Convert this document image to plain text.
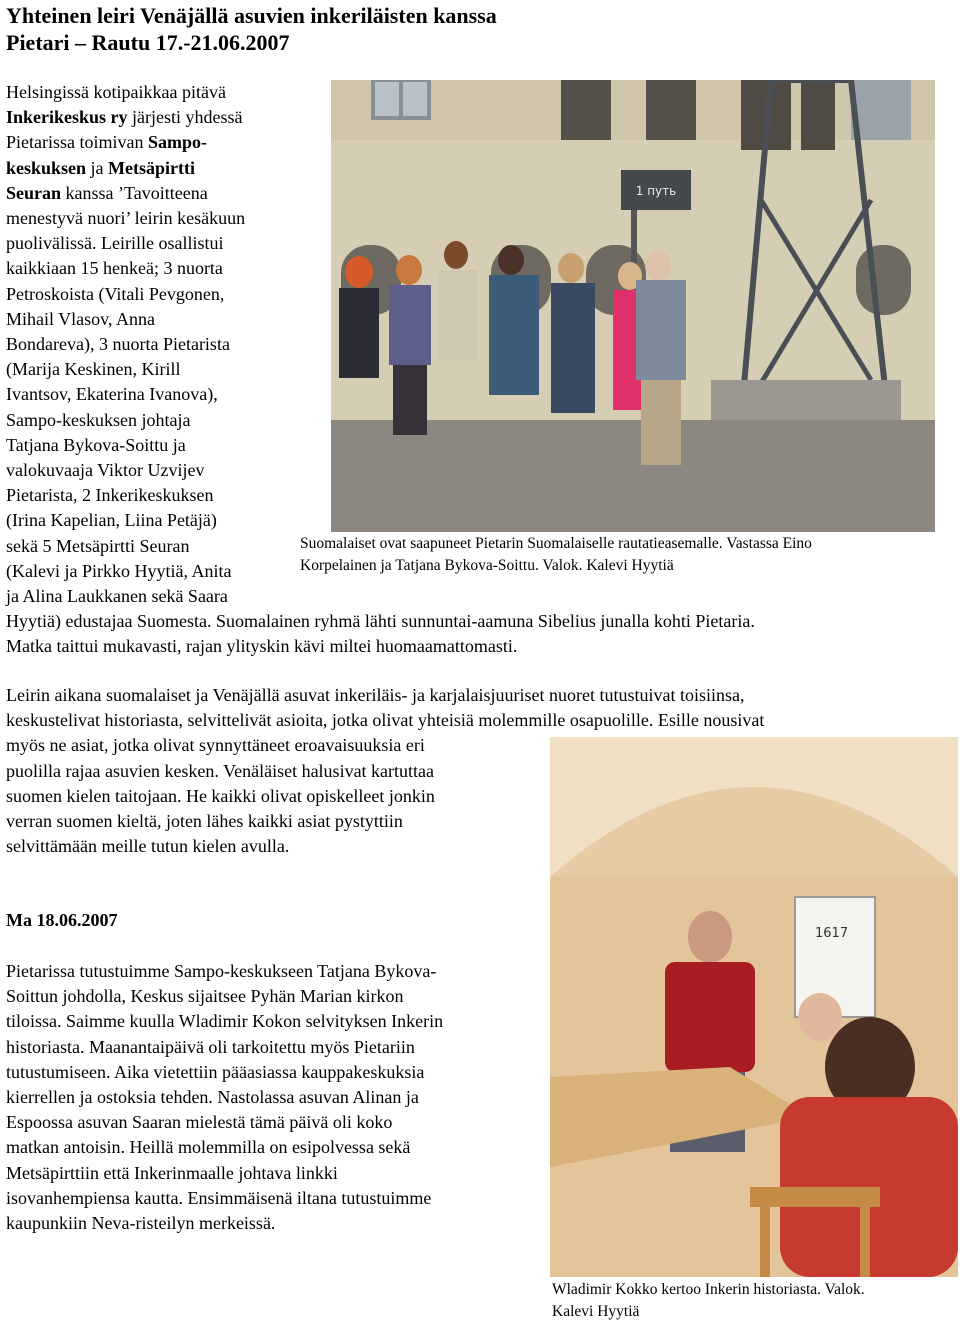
Yhteinen leiri Venäjällä asuvien inkeriläisten kanssa
Pietari – Rautu 17.-21.06.2007
Helsingissä kotipaikkaa pitävä
Inkerikeskus ry järjesti yhdessä
Pietarissa toimivan Sampo-
keskuksen ja Metsäpirtti
Seuran kanssa ’Tavoitteena
menestyvä nuori’ leirin kesäkuun
puolivälissä. Leirille osallistui
kaikkiaan 15 henkeä; 3 nuorta
Petroskoista (Vitali Pevgonen,
Mihail Vlasov, Anna
Bondareva), 3 nuorta Pietarista
(Marija Keskinen, Kirill
Ivantsov, Ekaterina Ivanova),
Sampo-keskuksen johtaja
Tatjana Bykova-Soittu ja
valokuvaaja Viktor Uzvijev
Pietarista, 2 Inkerikeskuksen
(Irina Kapelian, Liina Petäjä)
sekä 5 Metsäpirtti Seuran
(Kalevi ja Pirkko Hyytiä, Anita
ja Alina Laukkanen sekä Saara
Hyytiä) edustajaa Suomesta. Suomalainen ryhmä lähti sunnuntai-aamuna Sibelius junalla kohti Pietaria.
Matka taittui mukavasti, rajan ylityskin kävi miltei huomaamattomasti.
1 путь
Suomalaiset ovat saapuneet Pietarin Suomalaiselle rautatieasemalle. Vastassa Eino
Korpelainen ja Tatjana Bykova-Soittu. Valok. Kalevi Hyytiä
Leirin aikana suomalaiset ja Venäjällä asuvat inkeriläis- ja karjalaisjuuriset nuoret tutustuivat toisiinsa,
keskustelivat historiasta, selvittelivät asioita, jotka olivat yhteisiä molemmille osapuolille. Esille nousivat
myös ne asiat, jotka olivat synnyttäneet eroavaisuuksia eri
puolilla rajaa asuvien kesken. Venäläiset halusivat kartuttaa
suomen kielen taitojaan. He kaikki olivat opiskelleet jonkin
verran suomen kieltä, joten lähes kaikki asiat pystyttiin
selvittämään meille tutun kielen avulla.
Ma 18.06.2007
Pietarissa tutustuimme Sampo-keskukseen Tatjana Bykova-
Soittun johdolla, Keskus sijaitsee Pyhän Marian kirkon
tiloissa. Saimme kuulla Wladimir Kokon selvityksen Inkerin
historiasta. Maanantaipäivä oli tarkoitettu myös Pietariin
tutustumiseen. Aika vietettiin pääasiassa kauppakeskuksia
kierrellen ja ostoksia tehden. Nastolassa asuvan Alinan ja
Espoossa asuvan Saaran mielestä tämä päivä oli koko
matkan antoisin. Heillä molemmilla on esipolvessa sekä
Metsäpirttiin että Inkerinmaalle johtava linkki
isovanhempiensa kautta. Ensimmäisenä iltana tutustuimme
kaupunkiin Neva-risteilyn merkeissä.
1617
Wladimir Kokko kertoo Inkerin historiasta. Valok.
Kalevi Hyytiä
